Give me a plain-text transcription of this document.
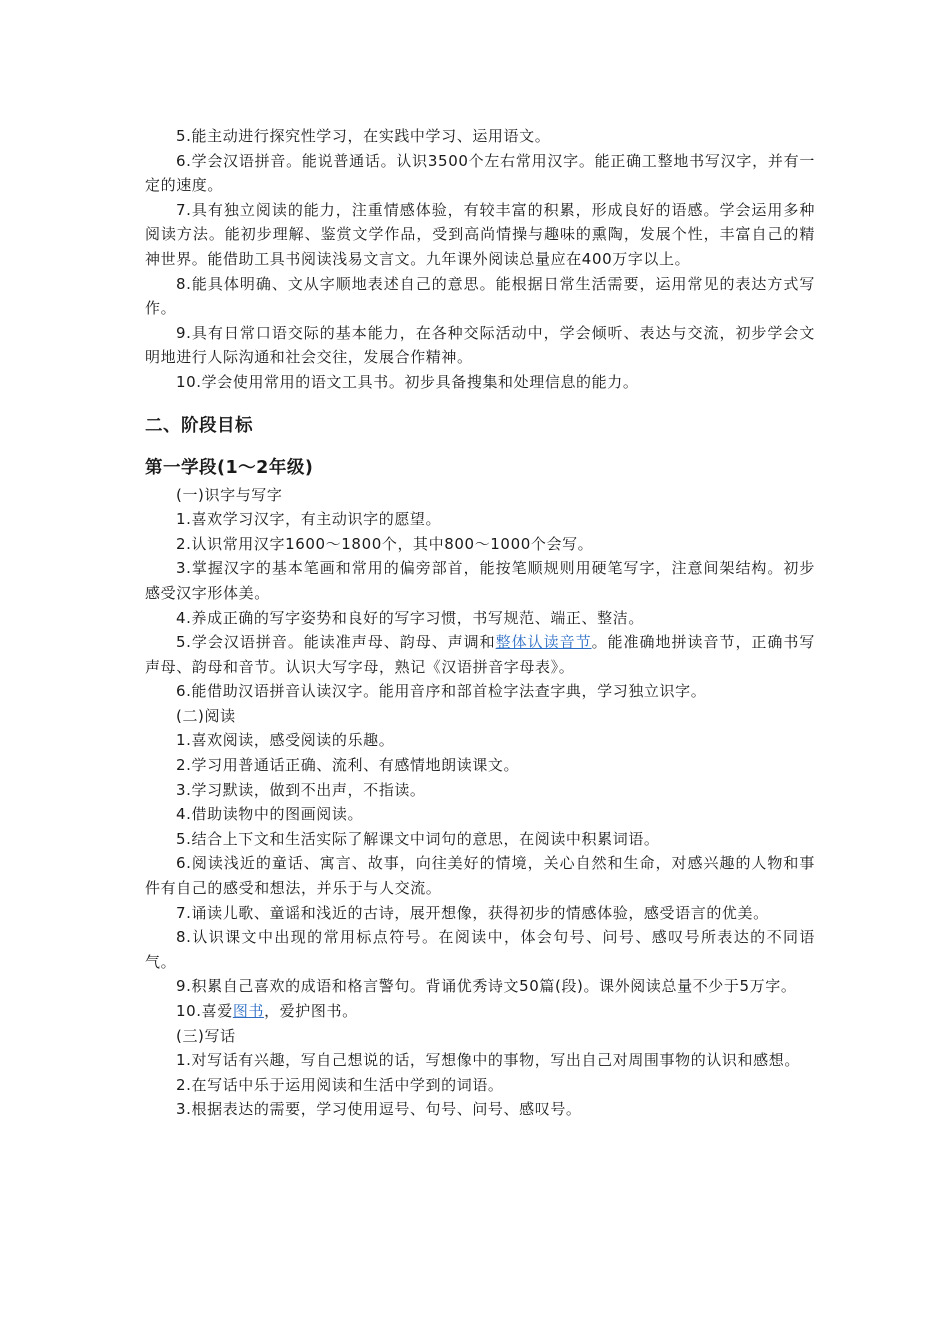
5.能主动进行探究性学习，在实践中学习、运用语文。

6.学会汉语拼音。能说普通话。认识3500个左右常用汉字。能正确工整地书写汉字，并有一定的速度。

7.具有独立阅读的能力，注重情感体验，有较丰富的积累，形成良好的语感。学会运用多种阅读方法。能初步理解、鉴赏文学作品，受到高尚情操与趣味的熏陶，发展个性，丰富自己的精神世界。能借助工具书阅读浅易文言文。九年课外阅读总量应在400万字以上。

8.能具体明确、文从字顺地表述自己的意思。能根据日常生活需要，运用常见的表达方式写作。

9.具有日常口语交际的基本能力，在各种交际活动中，学会倾听、表达与交流，初步学会文明地进行人际沟通和社会交往，发展合作精神。

10.学会使用常用的语文工具书。初步具备搜集和处理信息的能力。

二、阶段目标
第一学段(1～2年级)

(一)识字与写字

1.喜欢学习汉字，有主动识字的愿望。

2.认识常用汉字1600～1800个，其中800～1000个会写。

3.掌握汉字的基本笔画和常用的偏旁部首，能按笔顺规则用硬笔写字，注意间架结构。初步感受汉字形体美。

4.养成正确的写字姿势和良好的写字习惯，书写规范、端正、整洁。

5.学会汉语拼音。能读准声母、韵母、声调和整体认读音节。能准确地拼读音节，正确书写声母、韵母和音节。认识大写字母，熟记《汉语拼音字母表》。

6.能借助汉语拼音认读汉字。能用音序和部首检字法查字典，学习独立识字。

(二)阅读

1.喜欢阅读，感受阅读的乐趣。

2.学习用普通话正确、流利、有感情地朗读课文。

3.学习默读，做到不出声，不指读。

4.借助读物中的图画阅读。

5.结合上下文和生活实际了解课文中词句的意思，在阅读中积累词语。

6.阅读浅近的童话、寓言、故事，向往美好的情境，关心自然和生命，对感兴趣的人物和事件有自己的感受和想法，并乐于与人交流。

7.诵读儿歌、童谣和浅近的古诗，展开想像，获得初步的情感体验，感受语言的优美。

8.认识课文中出现的常用标点符号。在阅读中，体会句号、问号、感叹号所表达的不同语气。

9.积累自己喜欢的成语和格言警句。背诵优秀诗文50篇(段)。课外阅读总量不少于5万字。

10.喜爱图书，爱护图书。

(三)写话

1.对写话有兴趣，写自己想说的话，写想像中的事物，写出自己对周围事物的认识和感想。

2.在写话中乐于运用阅读和生活中学到的词语。

3.根据表达的需要，学习使用逗号、句号、问号、感叹号。
